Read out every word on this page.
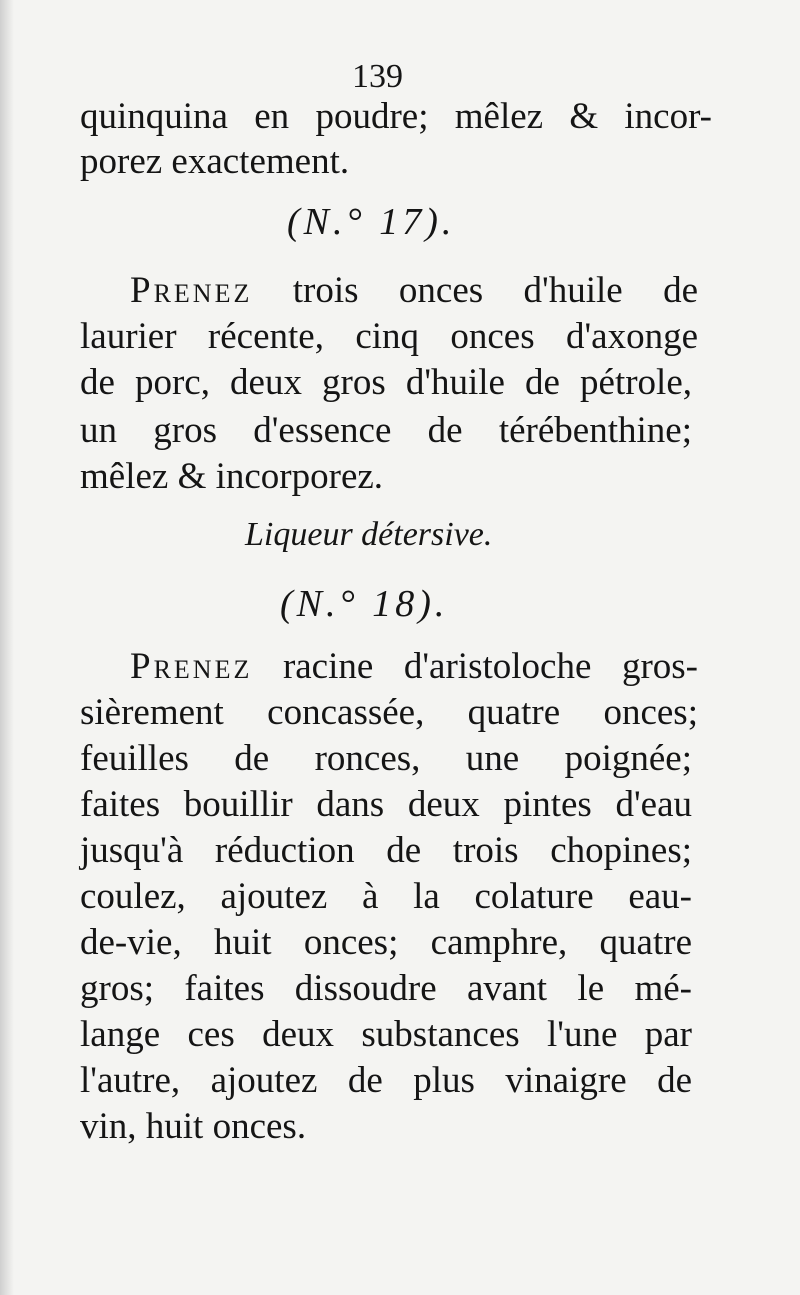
139
quinquina en poudre; mêlez & incor-
porez exactement.
(N.° 17).
Prenez trois onces d'huile de
laurier récente, cinq onces d'axonge
de porc, deux gros d'huile de pétrole,
un gros d'essence de térébenthine;
mêlez & incorporez.
Liqueur détersive.
(N.° 18).
Prenez racine d'aristoloche gros-
sièrement concassée, quatre onces;
feuilles de ronces, une poignée;
faites bouillir dans deux pintes d'eau
jusqu'à réduction de trois chopines;
coulez, ajoutez à la colature eau-
de-vie, huit onces; camphre, quatre
gros; faites dissoudre avant le mé-
lange ces deux substances l'une par
l'autre, ajoutez de plus vinaigre de
vin, huit onces.
